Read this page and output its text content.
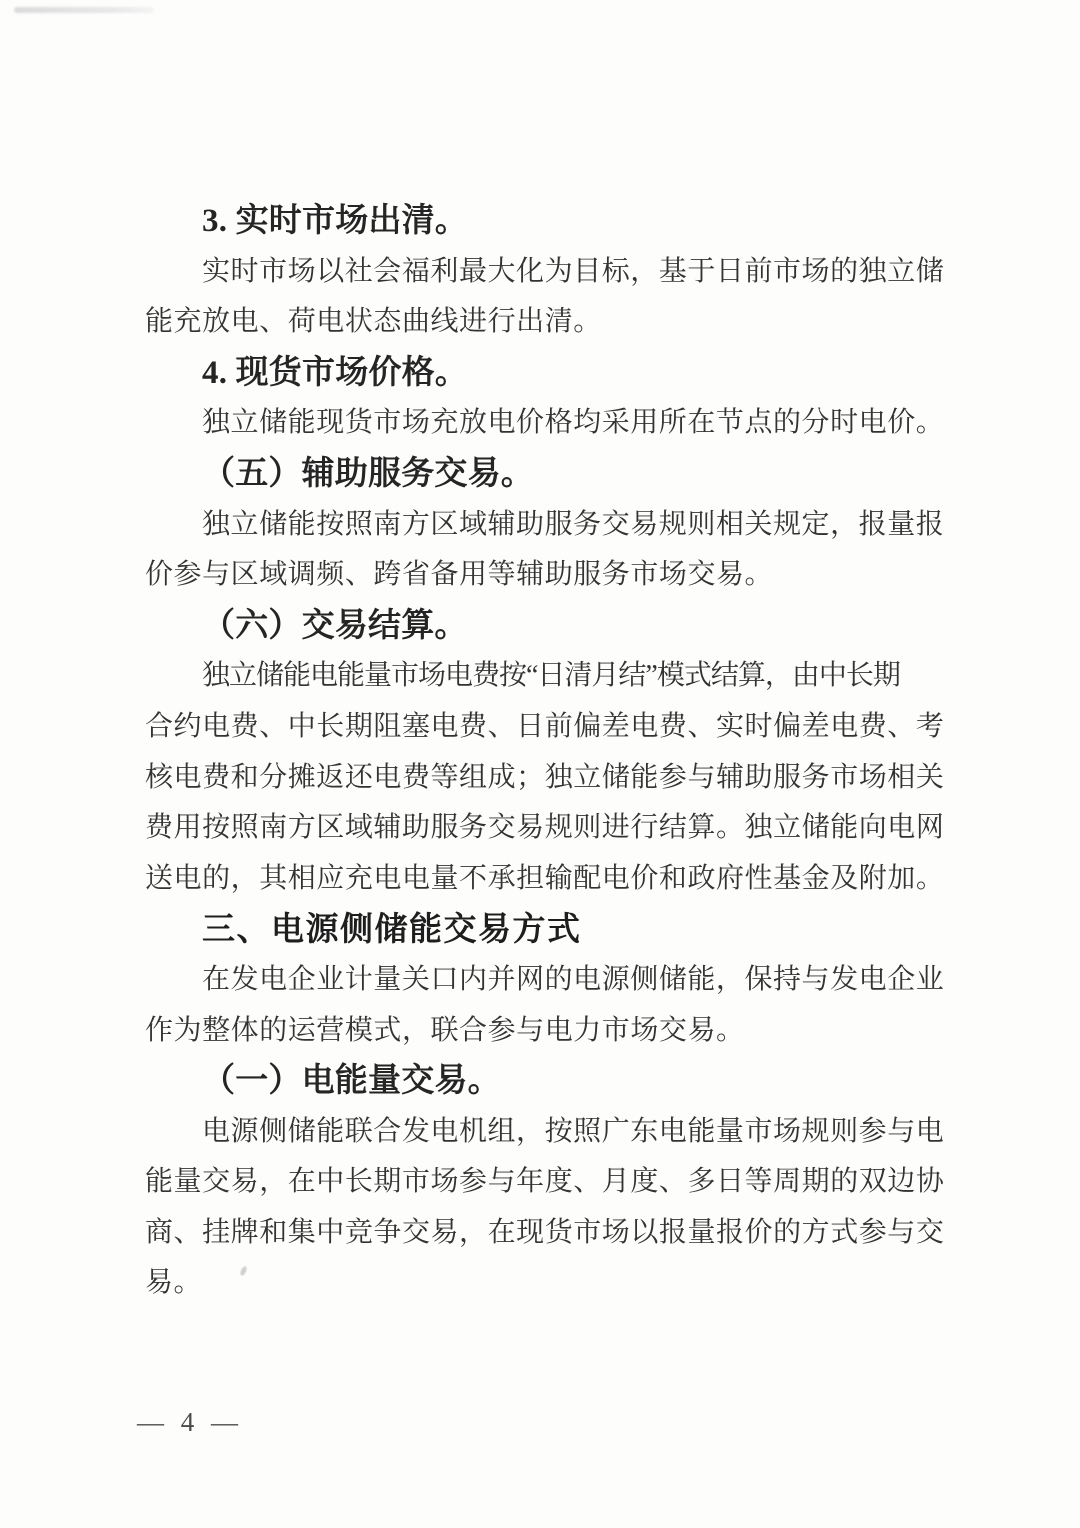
3. 实时市场出清。
实时市场以社会福利最大化为目标，基于日前市场的独立储
能充放电、荷电状态曲线进行出清。
4. 现货市场价格。
独立储能现货市场充放电价格均采用所在节点的分时电价。
（五）辅助服务交易。
独立储能按照南方区域辅助服务交易规则相关规定，报量报
价参与区域调频、跨省备用等辅助服务市场交易。
（六）交易结算。
独立储能电能量市场电费按“日清月结”模式结算，由中长期
合约电费、中长期阻塞电费、日前偏差电费、实时偏差电费、考
核电费和分摊返还电费等组成；独立储能参与辅助服务市场相关
费用按照南方区域辅助服务交易规则进行结算。独立储能向电网
送电的，其相应充电电量不承担输配电价和政府性基金及附加。
三、电源侧储能交易方式
在发电企业计量关口内并网的电源侧储能，保持与发电企业
作为整体的运营模式，联合参与电力市场交易。
（一）电能量交易。
电源侧储能联合发电机组，按照广东电能量市场规则参与电
能量交易，在中长期市场参与年度、月度、多日等周期的双边协
商、挂牌和集中竞争交易，在现货市场以报量报价的方式参与交
易。
— 4 —
